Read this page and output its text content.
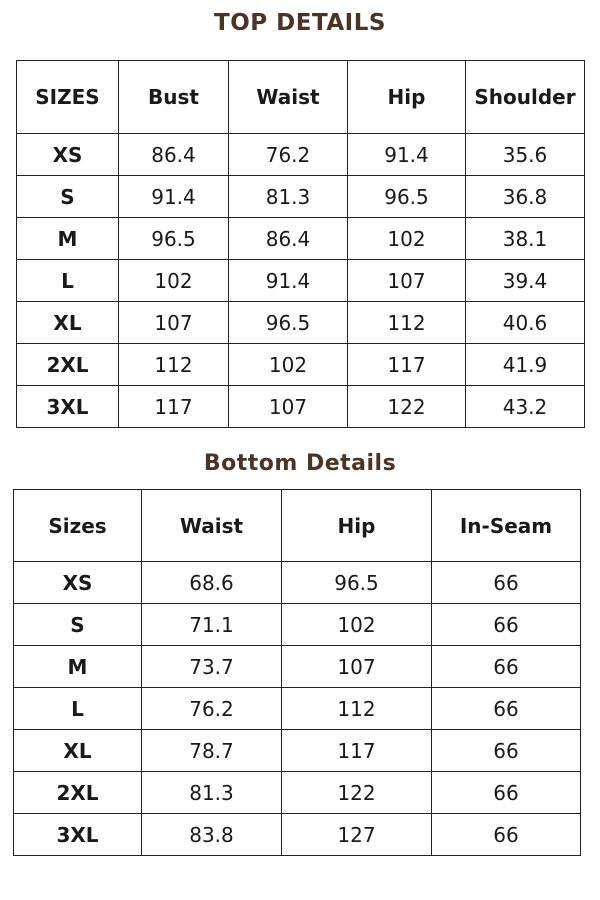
TOP DETAILS
SIZES	Bust	Waist	Hip	Shoulder
XS	86.4	76.2	91.4	35.6
S	91.4	81.3	96.5	36.8
M	96.5	86.4	102	38.1
L	102	91.4	107	39.4
XL	107	96.5	112	40.6
2XL	112	102	117	41.9
3XL	117	107	122	43.2
Bottom Details
Sizes	Waist	Hip	In-Seam
XS	68.6	96.5	66
S	71.1	102	66
M	73.7	107	66
L	76.2	112	66
XL	78.7	117	66
2XL	81.3	122	66
3XL	83.8	127	66
